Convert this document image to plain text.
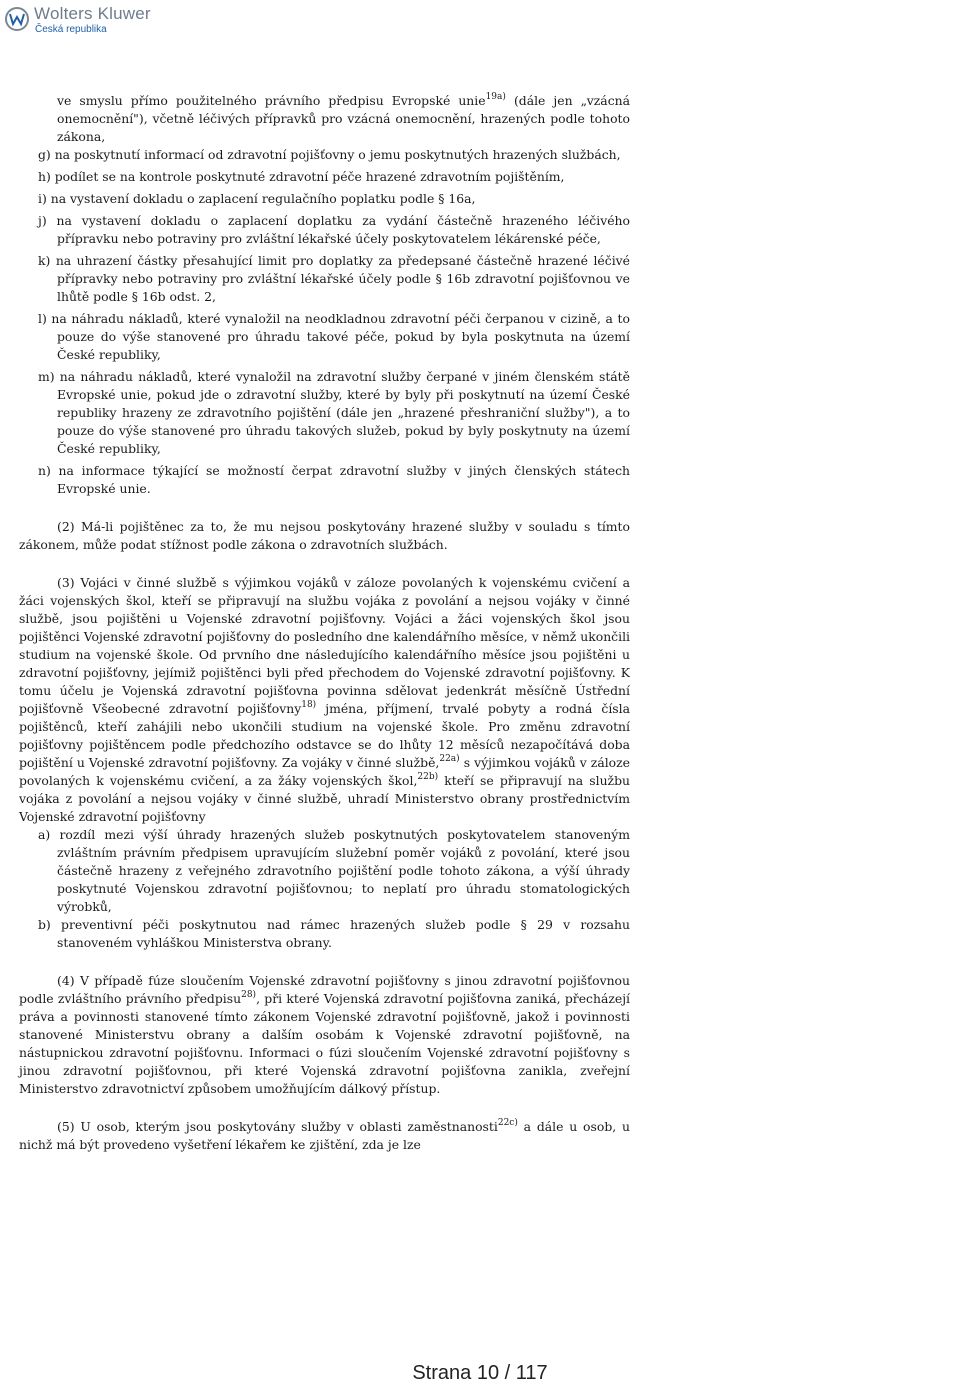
Wolters Kluwer
Česká republika

ve smyslu přímo použitelného právního předpisu Evropské unie$^{19a)}$ (dále jen „vzácná onemocnění"), včetně léčivých přípravků pro vzácná onemocnění, hrazených podle tohoto zákona,

g) na poskytnutí informací od zdravotní pojišťovny o jemu poskytnutých hrazených službách,

h) podílet se na kontrole poskytnuté zdravotní péče hrazené zdravotním pojištěním,

i) na vystavení dokladu o zaplacení regulačního poplatku podle § 16a,

j) na vystavení dokladu o zaplacení doplatku za vydání částečně hrazeného léčivého přípravku nebo potraviny pro zvláštní lékařské účely poskytovatelem lékárenské péče,

k) na uhrazení částky přesahující limit pro doplatky za předepsané částečně hrazené léčivé přípravky nebo potraviny pro zvláštní lékařské účely podle § 16b zdravotní pojišťovnou ve lhůtě podle § 16b odst. 2,

l) na náhradu nákladů, které vynaložil na neodkladnou zdravotní péči čerpanou v cizině, a to pouze do výše stanovené pro úhradu takové péče, pokud by byla poskytnuta na území České republiky,

m) na náhradu nákladů, které vynaložil na zdravotní služby čerpané v jiném členském státě Evropské unie, pokud jde o zdravotní služby, které by byly při poskytnutí na území České republiky hrazeny ze zdravotního pojištění (dále jen „hrazené přeshraniční služby"), a to pouze do výše stanovené pro úhradu takových služeb, pokud by byly poskytnuty na území České republiky,

n) na informace týkající se možností čerpat zdravotní služby v jiných členských státech Evropské unie.

(2) Má-li pojištěnec za to, že mu nejsou poskytovány hrazené služby v souladu s tímto zákonem, může podat stížnost podle zákona o zdravotních službách.

(3) Vojáci v činné službě s výjimkou vojáků v záloze povolaných k vojenskému cvičení a žáci vojenských škol, kteří se připravují na službu vojáka z povolání a nejsou vojáky v činné službě, jsou pojištěni u Vojenské zdravotní pojišťovny. Vojáci a žáci vojenských škol jsou pojištěnci Vojenské zdravotní pojišťovny do posledního dne kalendářního měsíce, v němž ukončili studium na vojenské škole. Od prvního dne následujícího kalendářního měsíce jsou pojištěni u zdravotní pojišťovny, jejímiž pojištěnci byli před přechodem do Vojenské zdravotní pojišťovny. K tomu účelu je Vojenská zdravotní pojišťovna povinna sdělovat jedenkrát měsíčně Ústřední pojišťovně Všeobecné zdravotní pojišťovny$^{18)}$ jména, příjmení, trvalé pobyty a rodná čísla pojištěnců, kteří zahájili nebo ukončili studium na vojenské škole. Pro změnu zdravotní pojišťovny pojištěncem podle předchozího odstavce se do lhůty 12 měsíců nezapočítává doba pojištění u Vojenské zdravotní pojišťovny. Za vojáky v činné službě,$^{22a)}$ s výjimkou vojáků v záloze povolaných k vojenskému cvičení, a za žáky vojenských škol,$^{22b)}$ kteří se připravují na službu vojáka z povolání a nejsou vojáky v činné službě, uhradí Ministerstvo obrany prostřednictvím Vojenské zdravotní pojišťovny

a) rozdíl mezi výší úhrady hrazených služeb poskytnutých poskytovatelem stanoveným zvláštním právním předpisem upravujícím služební poměr vojáků z povolání, které jsou částečně hrazeny z veřejného zdravotního pojištění podle tohoto zákona, a výší úhrady poskytnuté Vojenskou zdravotní pojišťovnou; to neplatí pro úhradu stomatologických výrobků,

b) preventivní péči poskytnutou nad rámec hrazených služeb podle § 29 v rozsahu stanoveném vyhláškou Ministerstva obrany.

(4) V případě fúze sloučením Vojenské zdravotní pojišťovny s jinou zdravotní pojišťovnou podle zvláštního právního předpisu$^{28)}$, při které Vojenská zdravotní pojišťovna zaniká, přecházejí práva a povinnosti stanovené tímto zákonem Vojenské zdravotní pojišťovně, jakož i povinnosti stanovené Ministerstvu obrany a dalším osobám k Vojenské zdravotní pojišťovně, na nástupnickou zdravotní pojišťovnu. Informaci o fúzi sloučením Vojenské zdravotní pojišťovny s jinou zdravotní pojišťovnou, při které Vojenská zdravotní pojišťovna zanikla, zveřejní Ministerstvo zdravotnictví způsobem umožňujícím dálkový přístup.

(5) U osob, kterým jsou poskytovány služby v oblasti zaměstnanosti$^{22c)}$ a dále u osob, u nichž má být provedeno vyšetření lékařem ke zjištění, zda je lze

Strana 10 / 117
